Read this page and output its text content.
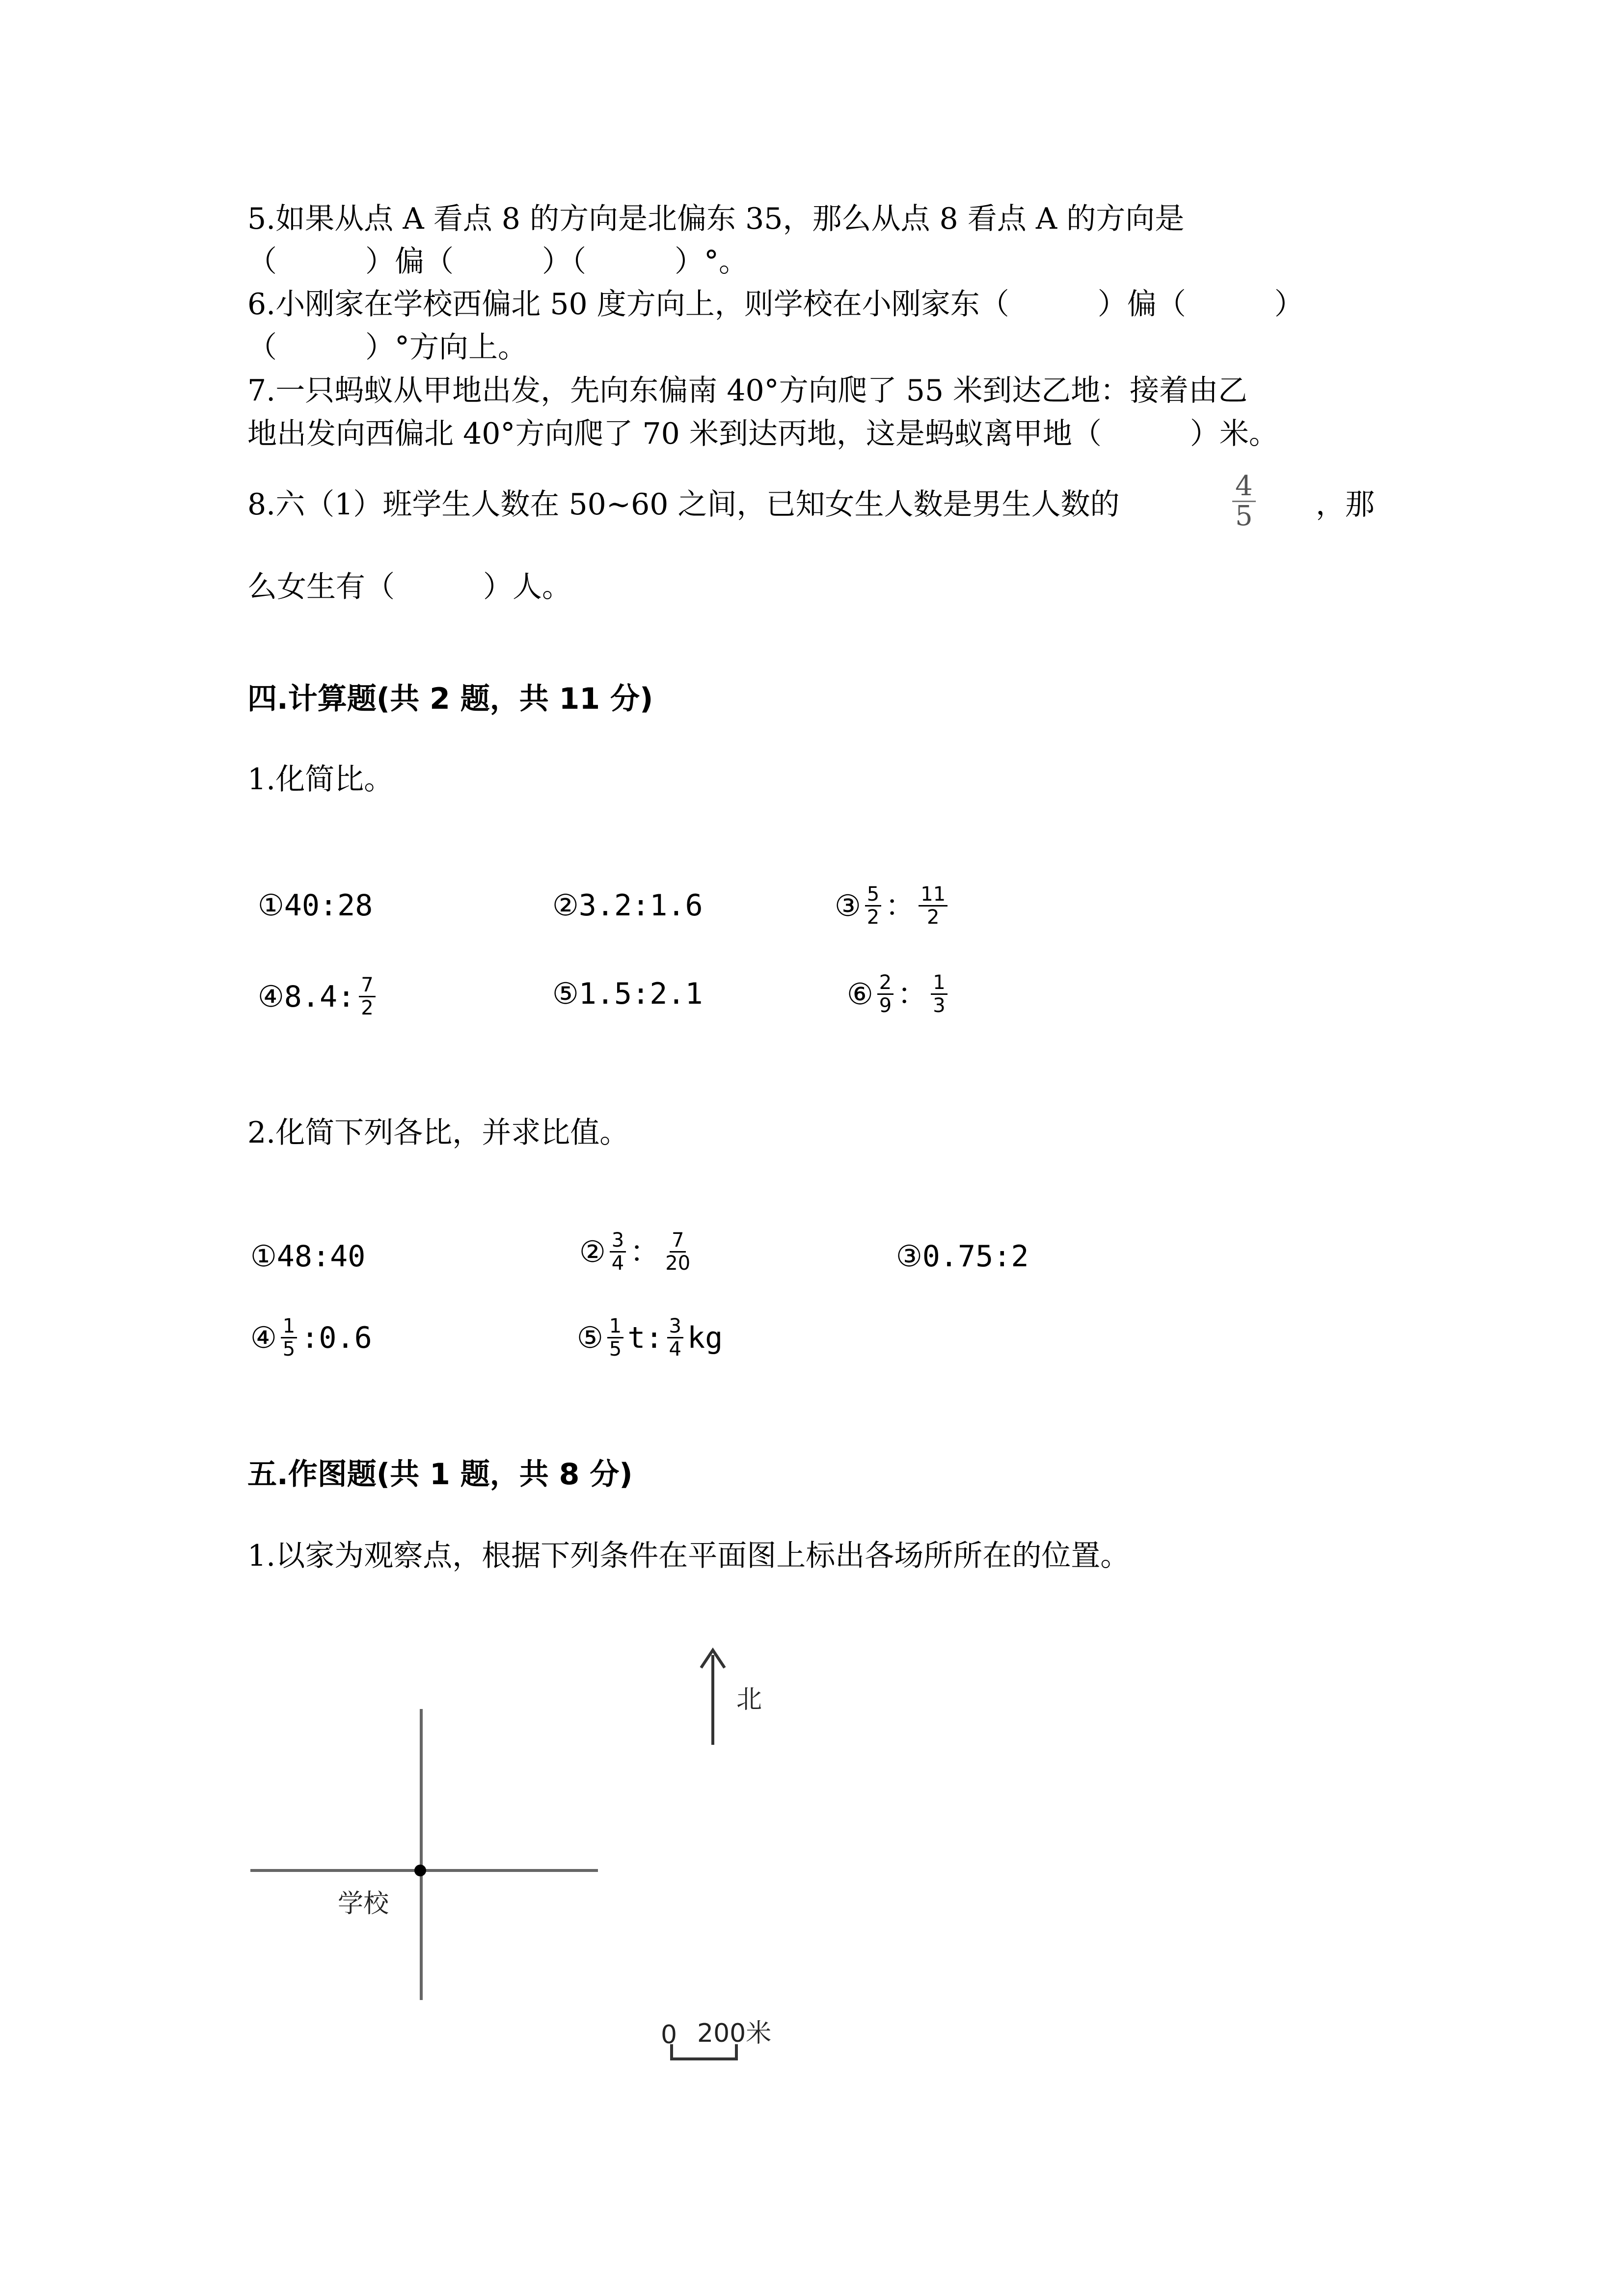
5.如果从点 A 看点 8 的方向是北偏东 35，那么从点 8 看点 A 的方向是
（　　　）偏（　　　）（　　　）°。
6.小刚家在学校西偏北 50 度方向上，则学校在小刚家东（　　　）偏（　　　）
（　　　）°方向上。
7.一只蚂蚁从甲地出发，先向东偏南 40°方向爬了 55 米到达乙地：接着由乙
地出发向西偏北 40°方向爬了 70 米到达丙地，这是蚂蚁离甲地（　　　）米。
8.六（1）班学生人数在 50~60 之间，已知女生人数是男生人数的	$\frac{4}{5}$ ，那
么女生有（　　　）人。
四.计算题(共 2 题，共 11 分)
1.化简比。
① 40:28	② 3.2:1.6	③ $\frac{5}{2}$ ： $\frac{11}{2}$
④ 8.4: $\frac{7}{2}$	⑤ 1.5:2.1	⑥ $\frac{2}{9}$ ： $\frac{1}{3}$
2.化简下列各比，并求比值。
① 48:40	② $\frac{3}{4}$ ： $\frac{7}{20}$	③ 0.75:2
④ $\frac{1}{5}$ :0.6	⑤ $\frac{1}{5} t$: $\frac{3}{4}$ kg
五.作图题(共 1 题，共 8 分)
1.以家为观察点，根据下列条件在平面图上标出各场所所在的位置。
北
学校
0 200米
